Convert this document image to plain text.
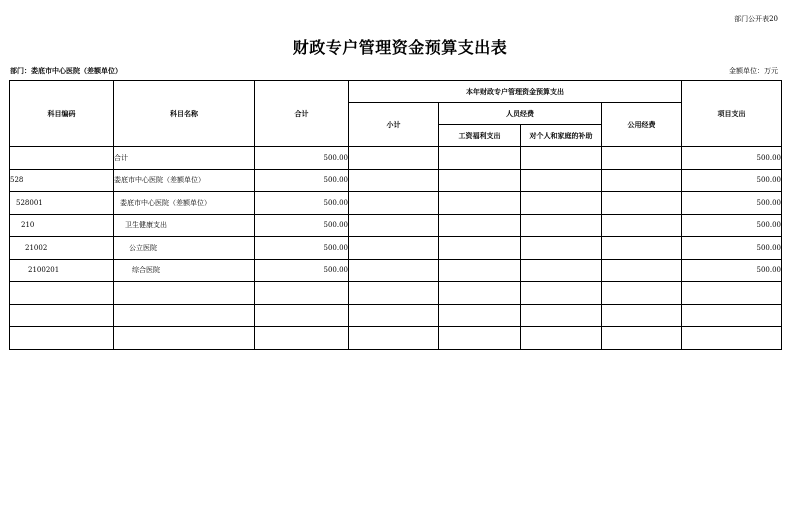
部门公开表20
财政专户管理资金预算支出表
部门：娄底市中心医院（差额单位）	金额单位：万元
科目编码	科目名称	合计	本年财政专户管理资金预算支出				项目支出
			小计	人员经费		公用经费	
				工资福利支出	对个人和家庭的补助		
	合计	500.00					500.00
528	娄底市中心医院（差额单位）	500.00					500.00
528001	娄底市中心医院（差额单位）	500.00					500.00
210	卫生健康支出	500.00					500.00
21002	公立医院	500.00					500.00
2100201	综合医院	500.00					500.00
